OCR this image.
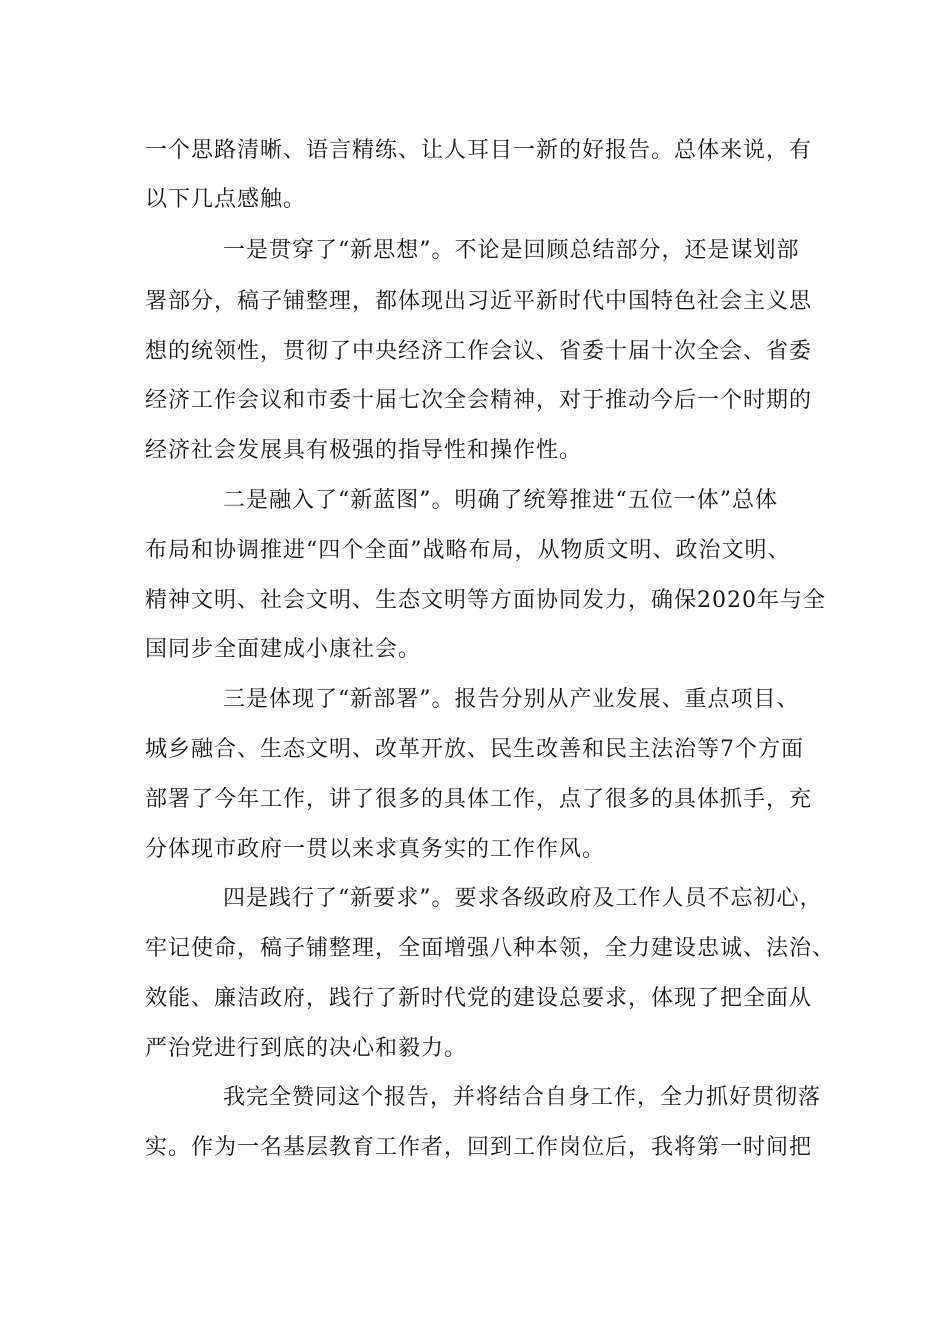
一个思路清晰、语言精练、让人耳目一新的好报告。总体来说，有

以下几点感触。

一是贯穿了“新思想”。不论是回顾总结部分，还是谋划部

署部分，稿子铺整理，都体现出习近平新时代中国特色社会主义思

想的统领性，贯彻了中央经济工作会议、省委十届十次全会、省委

经济工作会议和市委十届七次全会精神，对于推动今后一个时期的

经济社会发展具有极强的指导性和操作性。

二是融入了“新蓝图”。明确了统筹推进“五位一体”总体

布局和协调推进“四个全面”战略布局，从物质文明、政治文明、

精神文明、社会文明、生态文明等方面协同发力，确保2020年与全

国同步全面建成小康社会。

三是体现了“新部署”。报告分别从产业发展、重点项目、

城乡融合、生态文明、改革开放、民生改善和民主法治等7个方面

部署了今年工作，讲了很多的具体工作，点了很多的具体抓手，充

分体现市政府一贯以来求真务实的工作作风。

四是践行了“新要求”。要求各级政府及工作人员不忘初心，

牢记使命，稿子铺整理，全面增强八种本领，全力建设忠诚、法治、

效能、廉洁政府，践行了新时代党的建设总要求，体现了把全面从

严治党进行到底的决心和毅力。

我完全赞同这个报告，并将结合自身工作，全力抓好贯彻落

实。作为一名基层教育工作者，回到工作岗位后，我将第一时间把
